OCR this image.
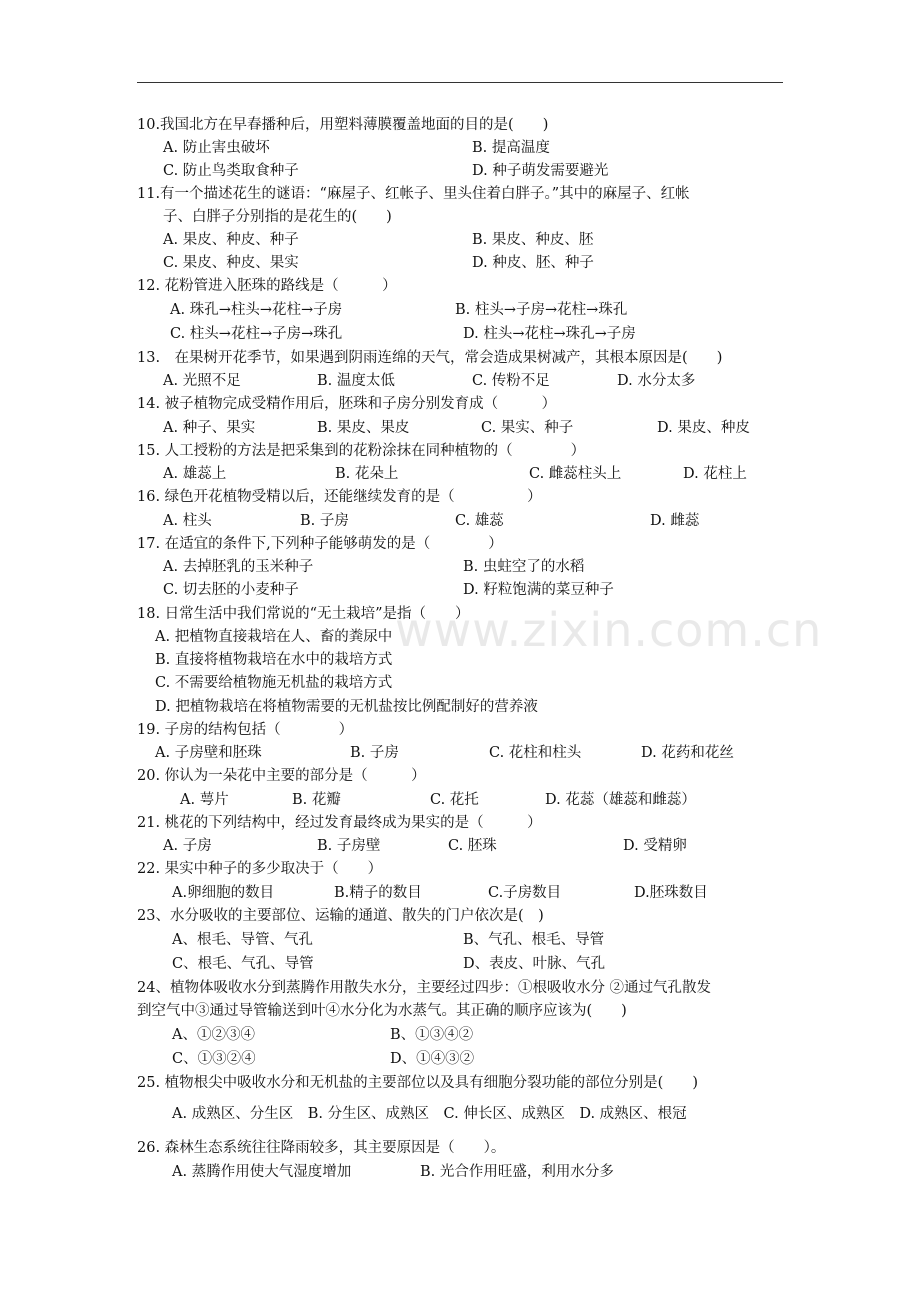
www.zixin.com.cn
10.我国北方在早春播种后，用塑料薄膜覆盖地面的目的是(　　)
A. 防止害虫破坏	B. 提高温度
C. 防止鸟类取食种子	D. 种子萌发需要避光
11.有一个描述花生的谜语：“麻屋子、红帐子、里头住着白胖子。”其中的麻屋子、红帐
子、白胖子分别指的是花生的(　　)
A. 果皮、种皮、种子	B. 果皮、种皮、胚
C. 果皮、种皮、果实	D. 种皮、胚、种子
12. 花粉管进入胚珠的路线是（　　　）
A. 珠孔→柱头→花柱→子房	B. 柱头→子房→花柱→珠孔
C. 柱头→花柱→子房→珠孔	D. 柱头→花柱→珠孔→子房
13.　在果树开花季节，如果遇到阴雨连绵的天气，常会造成果树减产，其根本原因是(　　)
A. 光照不足	B. 温度太低	C. 传粉不足	D. 水分太多
14. 被子植物完成受精作用后，胚珠和子房分别发育成（　　　）
A. 种子、果实	B. 果皮、果皮	C. 果实、种子	D. 果皮、种皮
15. 人工授粉的方法是把采集到的花粉涂抹在同种植物的（　　　　）
A. 雄蕊上	B. 花朵上	C. 雌蕊柱头上	D. 花柱上
16. 绿色开花植物受精以后，还能继续发育的是（　　　　　）
A. 柱头	B. 子房	C. 雄蕊	D. 雌蕊
17. 在适宜的条件下,下列种子能够萌发的是（　　　　）
A. 去掉胚乳的玉米种子	B. 虫蛀空了的水稻
C. 切去胚的小麦种子	D. 籽粒饱满的菜豆种子
18. 日常生活中我们常说的“无土栽培”是指（　　）
A. 把植物直接栽培在人、畜的粪尿中
B. 直接将植物栽培在水中的栽培方式
C. 不需要给植物施无机盐的栽培方式
D. 把植物栽培在将植物需要的无机盐按比例配制好的营养液
19. 子房的结构包括（　　　　）
A. 子房壁和胚珠	B. 子房	C. 花柱和柱头	D. 花药和花丝
20. 你认为一朵花中主要的部分是（　　　）
A. 萼片	B. 花瓣	C. 花托	D. 花蕊（雄蕊和雌蕊）
21. 桃花的下列结构中，经过发育最终成为果实的是（　　　）
A. 子房	B. 子房壁	C. 胚珠	D. 受精卵
22. 果实中种子的多少取决于（　　）
A.卵细胞的数目	B.精子的数目	C.子房数目	D.胚珠数目
23、水分吸收的主要部位、运输的通道、散失的门户依次是(　)
A、根毛、导管、气孔	B、气孔、根毛、导管
C、根毛、气孔、导管	D、表皮、叶脉、气孔
24、植物体吸收水分到蒸腾作用散失水分，主要经过四步：①根吸收水分 ②通过气孔散发
到空气中③通过导管输送到叶④水分化为水蒸气。其正确的顺序应该为(　　)
A、①②③④	B、①③④②
C、①③②④	D、①④③②
25. 植物根尖中吸收水分和无机盐的主要部位以及具有细胞分裂功能的部位分别是(　　)
A. 成熟区、分生区　B. 分生区、成熟区　C. 伸长区、成熟区　D. 成熟区、根冠
26. 森林生态系统往往降雨较多，其主要原因是（　　）。
A. 蒸腾作用使大气湿度增加	B. 光合作用旺盛，利用水分多
